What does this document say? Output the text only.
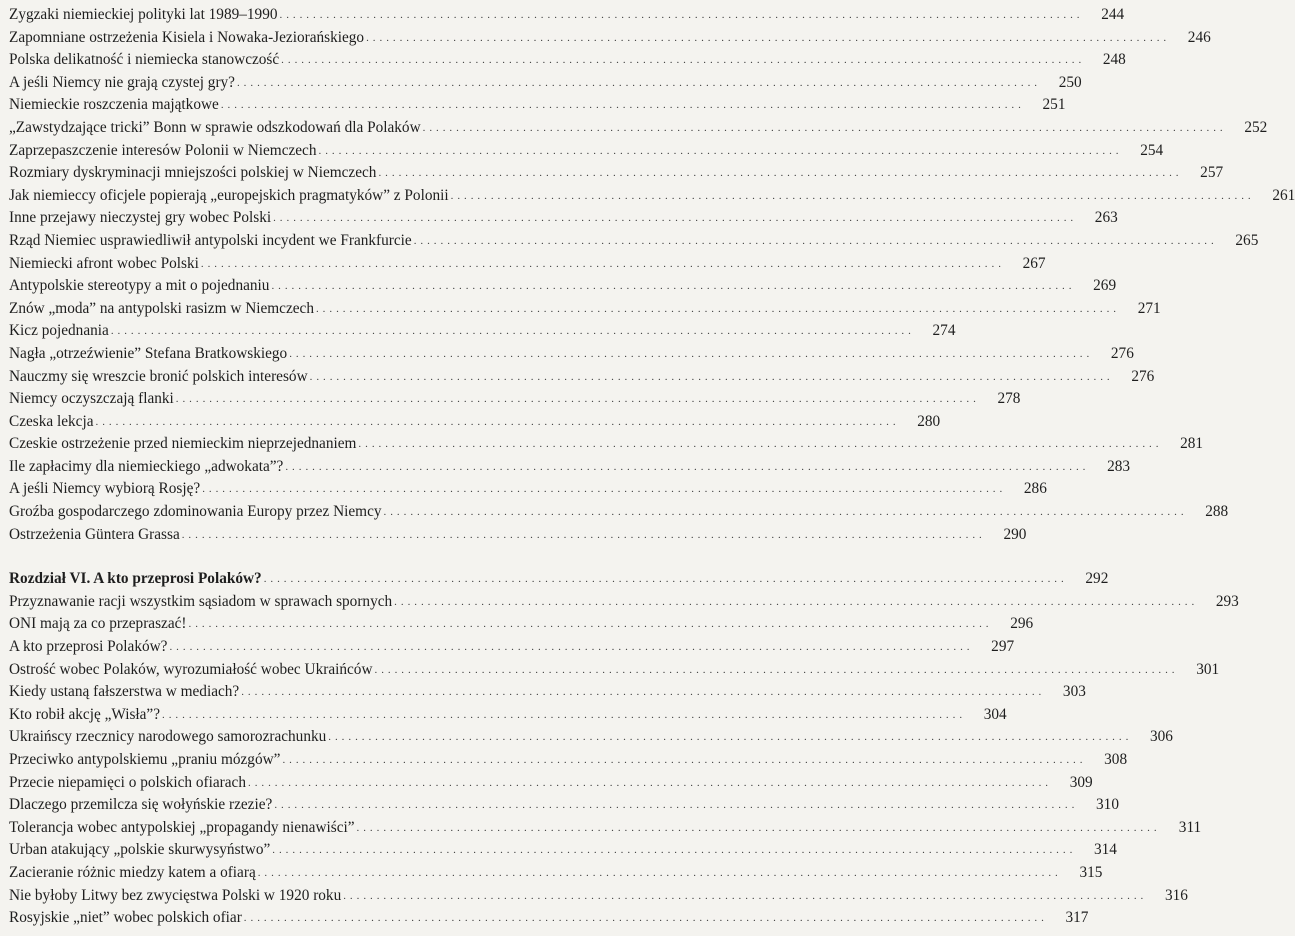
Zygzaki niemieckiej polityki lat 1989–1990 . . . . . . . . . . . . . . . . . . . . . . . . . . . . . . . . . . . . . . . . . . . . . . . . . . . . . . . . . . . . . . . . . . . . . . . . . . . . . . . . . . . . . . . . . . . . . . . . . . . . . . . . . . . . . . . . . . . . . . . .	244
Zapomniane ostrzeżenia Kisiela i Nowaka-Jeziorańskiego . . . . . . . . . . . . . . . . . . . . . . . . . . . . . . . . . . . . . . . . . . . . . . . . . . . . . . . . . . . . . . . . . . . . . . . . . . . . . . . . . . . . . . . . . . . . . . . . . . . . . . . . . . . . . . . . . . . . . . . .	246
Polska delikatność i niemiecka stanowczość . . . . . . . . . . . . . . . . . . . . . . . . . . . . . . . . . . . . . . . . . . . . . . . . . . . . . . . . . . . . . . . . . . . . . . . . . . . . . . . . . . . . . . . . . . . . . . . . . . . . . . . . . . . . . . . . . . . . . . . .	248
A jeśli Niemcy nie grają czystej gry? . . . . . . . . . . . . . . . . . . . . . . . . . . . . . . . . . . . . . . . . . . . . . . . . . . . . . . . . . . . . . . . . . . . . . . . . . . . . . . . . . . . . . . . . . . . . . . . . . . . . . . . . . . . . . . . . . . . . . . . .	250
Niemieckie roszczenia majątkowe . . . . . . . . . . . . . . . . . . . . . . . . . . . . . . . . . . . . . . . . . . . . . . . . . . . . . . . . . . . . . . . . . . . . . . . . . . . . . . . . . . . . . . . . . . . . . . . . . . . . . . . . . . . . . . . . . . . . . . . .	251
„Zawstydzające tricki” Bonn w sprawie odszkodowań dla Polaków . . . . . . . . . . . . . . . . . . . . . . . . . . . . . . . . . . . . . . . . . . . . . . . . . . . . . . . . . . . . . . . . . . . . . . . . . . . . . . . . . . . . . . . . . . . . . . . . . . . . . . . . . . . . . . . . . . . . . . . .	252
Zaprzepaszczenie interesów Polonii w Niemczech . . . . . . . . . . . . . . . . . . . . . . . . . . . . . . . . . . . . . . . . . . . . . . . . . . . . . . . . . . . . . . . . . . . . . . . . . . . . . . . . . . . . . . . . . . . . . . . . . . . . . . . . . . . . . . . . . . . . . . . .	254
Rozmiary dyskryminacji mniejszości polskiej w Niemczech . . . . . . . . . . . . . . . . . . . . . . . . . . . . . . . . . . . . . . . . . . . . . . . . . . . . . . . . . . . . . . . . . . . . . . . . . . . . . . . . . . . . . . . . . . . . . . . . . . . . . . . . . . . . . . . . . . . . . . . .	257
Jak niemieccy oficjele popierają „europejskich pragmatyków” z Polonii . . . . . . . . . . . . . . . . . . . . . . . . . . . . . . . . . . . . . . . . . . . . . . . . . . . . . . . . . . . . . . . . . . . . . . . . . . . . . . . . . . . . . . . . . . . . . . . . . . . . . . . . . . . . . . . . . . . . . . . .	261
Inne przejawy nieczystej gry wobec Polski . . . . . . . . . . . . . . . . . . . . . . . . . . . . . . . . . . . . . . . . . . . . . . . . . . . . . . . . . . . . . . . . . . . . . . . . . . . . . . . . . . . . . . . . . . . . . . . . . . . . . . . . . . . . . . . . . . . . . . . .	263
Rząd Niemiec usprawiedliwił antypolski incydent we Frankfurcie . . . . . . . . . . . . . . . . . . . . . . . . . . . . . . . . . . . . . . . . . . . . . . . . . . . . . . . . . . . . . . . . . . . . . . . . . . . . . . . . . . . . . . . . . . . . . . . . . . . . . . . . . . . . . . . . . . . . . . . .	265
Niemiecki afront wobec Polski . . . . . . . . . . . . . . . . . . . . . . . . . . . . . . . . . . . . . . . . . . . . . . . . . . . . . . . . . . . . . . . . . . . . . . . . . . . . . . . . . . . . . . . . . . . . . . . . . . . . . . . . . . . . . . . . . . . . . . . .	267
Antypolskie stereotypy a mit o pojednaniu . . . . . . . . . . . . . . . . . . . . . . . . . . . . . . . . . . . . . . . . . . . . . . . . . . . . . . . . . . . . . . . . . . . . . . . . . . . . . . . . . . . . . . . . . . . . . . . . . . . . . . . . . . . . . . . . . . . . . . . .	269
Znów „moda” na antypolski rasizm w Niemczech . . . . . . . . . . . . . . . . . . . . . . . . . . . . . . . . . . . . . . . . . . . . . . . . . . . . . . . . . . . . . . . . . . . . . . . . . . . . . . . . . . . . . . . . . . . . . . . . . . . . . . . . . . . . . . . . . . . . . . . .	271
Kicz pojednania . . . . . . . . . . . . . . . . . . . . . . . . . . . . . . . . . . . . . . . . . . . . . . . . . . . . . . . . . . . . . . . . . . . . . . . . . . . . . . . . . . . . . . . . . . . . . . . . . . . . . . . . . . . . . . . . . . . . . . . .	274
Nagła „otrzeźwienie” Stefana Bratkowskiego . . . . . . . . . . . . . . . . . . . . . . . . . . . . . . . . . . . . . . . . . . . . . . . . . . . . . . . . . . . . . . . . . . . . . . . . . . . . . . . . . . . . . . . . . . . . . . . . . . . . . . . . . . . . . . . . . . . . . . . .	276
Nauczmy się wreszcie bronić polskich interesów . . . . . . . . . . . . . . . . . . . . . . . . . . . . . . . . . . . . . . . . . . . . . . . . . . . . . . . . . . . . . . . . . . . . . . . . . . . . . . . . . . . . . . . . . . . . . . . . . . . . . . . . . . . . . . . . . . . . . . . .	276
Niemcy oczyszczają flanki . . . . . . . . . . . . . . . . . . . . . . . . . . . . . . . . . . . . . . . . . . . . . . . . . . . . . . . . . . . . . . . . . . . . . . . . . . . . . . . . . . . . . . . . . . . . . . . . . . . . . . . . . . . . . . . . . . . . . . . .	278
Czeska lekcja . . . . . . . . . . . . . . . . . . . . . . . . . . . . . . . . . . . . . . . . . . . . . . . . . . . . . . . . . . . . . . . . . . . . . . . . . . . . . . . . . . . . . . . . . . . . . . . . . . . . . . . . . . . . . . . . . . . . . . . .	280
Czeskie ostrzeżenie przed niemieckim nieprzejednaniem . . . . . . . . . . . . . . . . . . . . . . . . . . . . . . . . . . . . . . . . . . . . . . . . . . . . . . . . . . . . . . . . . . . . . . . . . . . . . . . . . . . . . . . . . . . . . . . . . . . . . . . . . . . . . . . . . . . . . . . .	281
Ile zapłacimy dla niemieckiego „adwokata”? . . . . . . . . . . . . . . . . . . . . . . . . . . . . . . . . . . . . . . . . . . . . . . . . . . . . . . . . . . . . . . . . . . . . . . . . . . . . . . . . . . . . . . . . . . . . . . . . . . . . . . . . . . . . . . . . . . . . . . . .	283
A jeśli Niemcy wybiorą Rosję? . . . . . . . . . . . . . . . . . . . . . . . . . . . . . . . . . . . . . . . . . . . . . . . . . . . . . . . . . . . . . . . . . . . . . . . . . . . . . . . . . . . . . . . . . . . . . . . . . . . . . . . . . . . . . . . . . . . . . . . .	286
Groźba gospodarczego zdominowania Europy przez Niemcy . . . . . . . . . . . . . . . . . . . . . . . . . . . . . . . . . . . . . . . . . . . . . . . . . . . . . . . . . . . . . . . . . . . . . . . . . . . . . . . . . . . . . . . . . . . . . . . . . . . . . . . . . . . . . . . . . . . . . . . .	288
Ostrzeżenia Güntera Grassa . . . . . . . . . . . . . . . . . . . . . . . . . . . . . . . . . . . . . . . . . . . . . . . . . . . . . . . . . . . . . . . . . . . . . . . . . . . . . . . . . . . . . . . . . . . . . . . . . . . . . . . . . . . . . . . . . . . . . . . .	290
Rozdział VI. A kto przeprosi Polaków? . . . . . . . . . . . . . . . . . . . . . . . . . . . . . . . . . . . . . . . . . . . . . . . . . . . . . . . . . . . . . . . . . . . . . . . . . . . . . . . . . . . . . . . . . . . . . . . . . . . . . . . . . . . . . . . . . . . . . . . .	292
Przyznawanie racji wszystkim sąsiadom w sprawach spornych . . . . . . . . . . . . . . . . . . . . . . . . . . . . . . . . . . . . . . . . . . . . . . . . . . . . . . . . . . . . . . . . . . . . . . . . . . . . . . . . . . . . . . . . . . . . . . . . . . . . . . . . . . . . . . . . . . . . . . . .	293
ONI mają za co przepraszać! . . . . . . . . . . . . . . . . . . . . . . . . . . . . . . . . . . . . . . . . . . . . . . . . . . . . . . . . . . . . . . . . . . . . . . . . . . . . . . . . . . . . . . . . . . . . . . . . . . . . . . . . . . . . . . . . . . . . . . . .	296
A kto przeprosi Polaków? . . . . . . . . . . . . . . . . . . . . . . . . . . . . . . . . . . . . . . . . . . . . . . . . . . . . . . . . . . . . . . . . . . . . . . . . . . . . . . . . . . . . . . . . . . . . . . . . . . . . . . . . . . . . . . . . . . . . . . . .	297
Ostrość wobec Polaków, wyrozumiałość wobec Ukraińców . . . . . . . . . . . . . . . . . . . . . . . . . . . . . . . . . . . . . . . . . . . . . . . . . . . . . . . . . . . . . . . . . . . . . . . . . . . . . . . . . . . . . . . . . . . . . . . . . . . . . . . . . . . . . . . . . . . . . . . .	301
Kiedy ustaną fałszerstwa w mediach? . . . . . . . . . . . . . . . . . . . . . . . . . . . . . . . . . . . . . . . . . . . . . . . . . . . . . . . . . . . . . . . . . . . . . . . . . . . . . . . . . . . . . . . . . . . . . . . . . . . . . . . . . . . . . . . . . . . . . . . .	303
Kto robił akcję „Wisła”? . . . . . . . . . . . . . . . . . . . . . . . . . . . . . . . . . . . . . . . . . . . . . . . . . . . . . . . . . . . . . . . . . . . . . . . . . . . . . . . . . . . . . . . . . . . . . . . . . . . . . . . . . . . . . . . . . . . . . . . .	304
Ukraińscy rzecznicy narodowego samorozrachunku . . . . . . . . . . . . . . . . . . . . . . . . . . . . . . . . . . . . . . . . . . . . . . . . . . . . . . . . . . . . . . . . . . . . . . . . . . . . . . . . . . . . . . . . . . . . . . . . . . . . . . . . . . . . . . . . . . . . . . . .	306
Przeciwko antypolskiemu „praniu mózgów” . . . . . . . . . . . . . . . . . . . . . . . . . . . . . . . . . . . . . . . . . . . . . . . . . . . . . . . . . . . . . . . . . . . . . . . . . . . . . . . . . . . . . . . . . . . . . . . . . . . . . . . . . . . . . . . . . . . . . . . .	308
Przecie niepamięci o polskich ofiarach . . . . . . . . . . . . . . . . . . . . . . . . . . . . . . . . . . . . . . . . . . . . . . . . . . . . . . . . . . . . . . . . . . . . . . . . . . . . . . . . . . . . . . . . . . . . . . . . . . . . . . . . . . . . . . . . . . . . . . . .	309
Dlaczego przemilcza się wołyńskie rzezie? . . . . . . . . . . . . . . . . . . . . . . . . . . . . . . . . . . . . . . . . . . . . . . . . . . . . . . . . . . . . . . . . . . . . . . . . . . . . . . . . . . . . . . . . . . . . . . . . . . . . . . . . . . . . . . . . . . . . . . . .	310
Tolerancja wobec antypolskiej „propagandy nienawiści” . . . . . . . . . . . . . . . . . . . . . . . . . . . . . . . . . . . . . . . . . . . . . . . . . . . . . . . . . . . . . . . . . . . . . . . . . . . . . . . . . . . . . . . . . . . . . . . . . . . . . . . . . . . . . . . . . . . . . . . .	311
Urban atakujący „polskie skurwysyństwo” . . . . . . . . . . . . . . . . . . . . . . . . . . . . . . . . . . . . . . . . . . . . . . . . . . . . . . . . . . . . . . . . . . . . . . . . . . . . . . . . . . . . . . . . . . . . . . . . . . . . . . . . . . . . . . . . . . . . . . . .	314
Zacieranie różnic miedzy katem a ofiarą . . . . . . . . . . . . . . . . . . . . . . . . . . . . . . . . . . . . . . . . . . . . . . . . . . . . . . . . . . . . . . . . . . . . . . . . . . . . . . . . . . . . . . . . . . . . . . . . . . . . . . . . . . . . . . . . . . . . . . . .	315
Nie byłoby Litwy bez zwycięstwa Polski w 1920 roku . . . . . . . . . . . . . . . . . . . . . . . . . . . . . . . . . . . . . . . . . . . . . . . . . . . . . . . . . . . . . . . . . . . . . . . . . . . . . . . . . . . . . . . . . . . . . . . . . . . . . . . . . . . . . . . . . . . . . . . .	316
Rosyjskie „niet” wobec polskich ofiar . . . . . . . . . . . . . . . . . . . . . . . . . . . . . . . . . . . . . . . . . . . . . . . . . . . . . . . . . . . . . . . . . . . . . . . . . . . . . . . . . . . . . . . . . . . . . . . . . . . . . . . . . . . . . . . . . . . . . . . .	317
